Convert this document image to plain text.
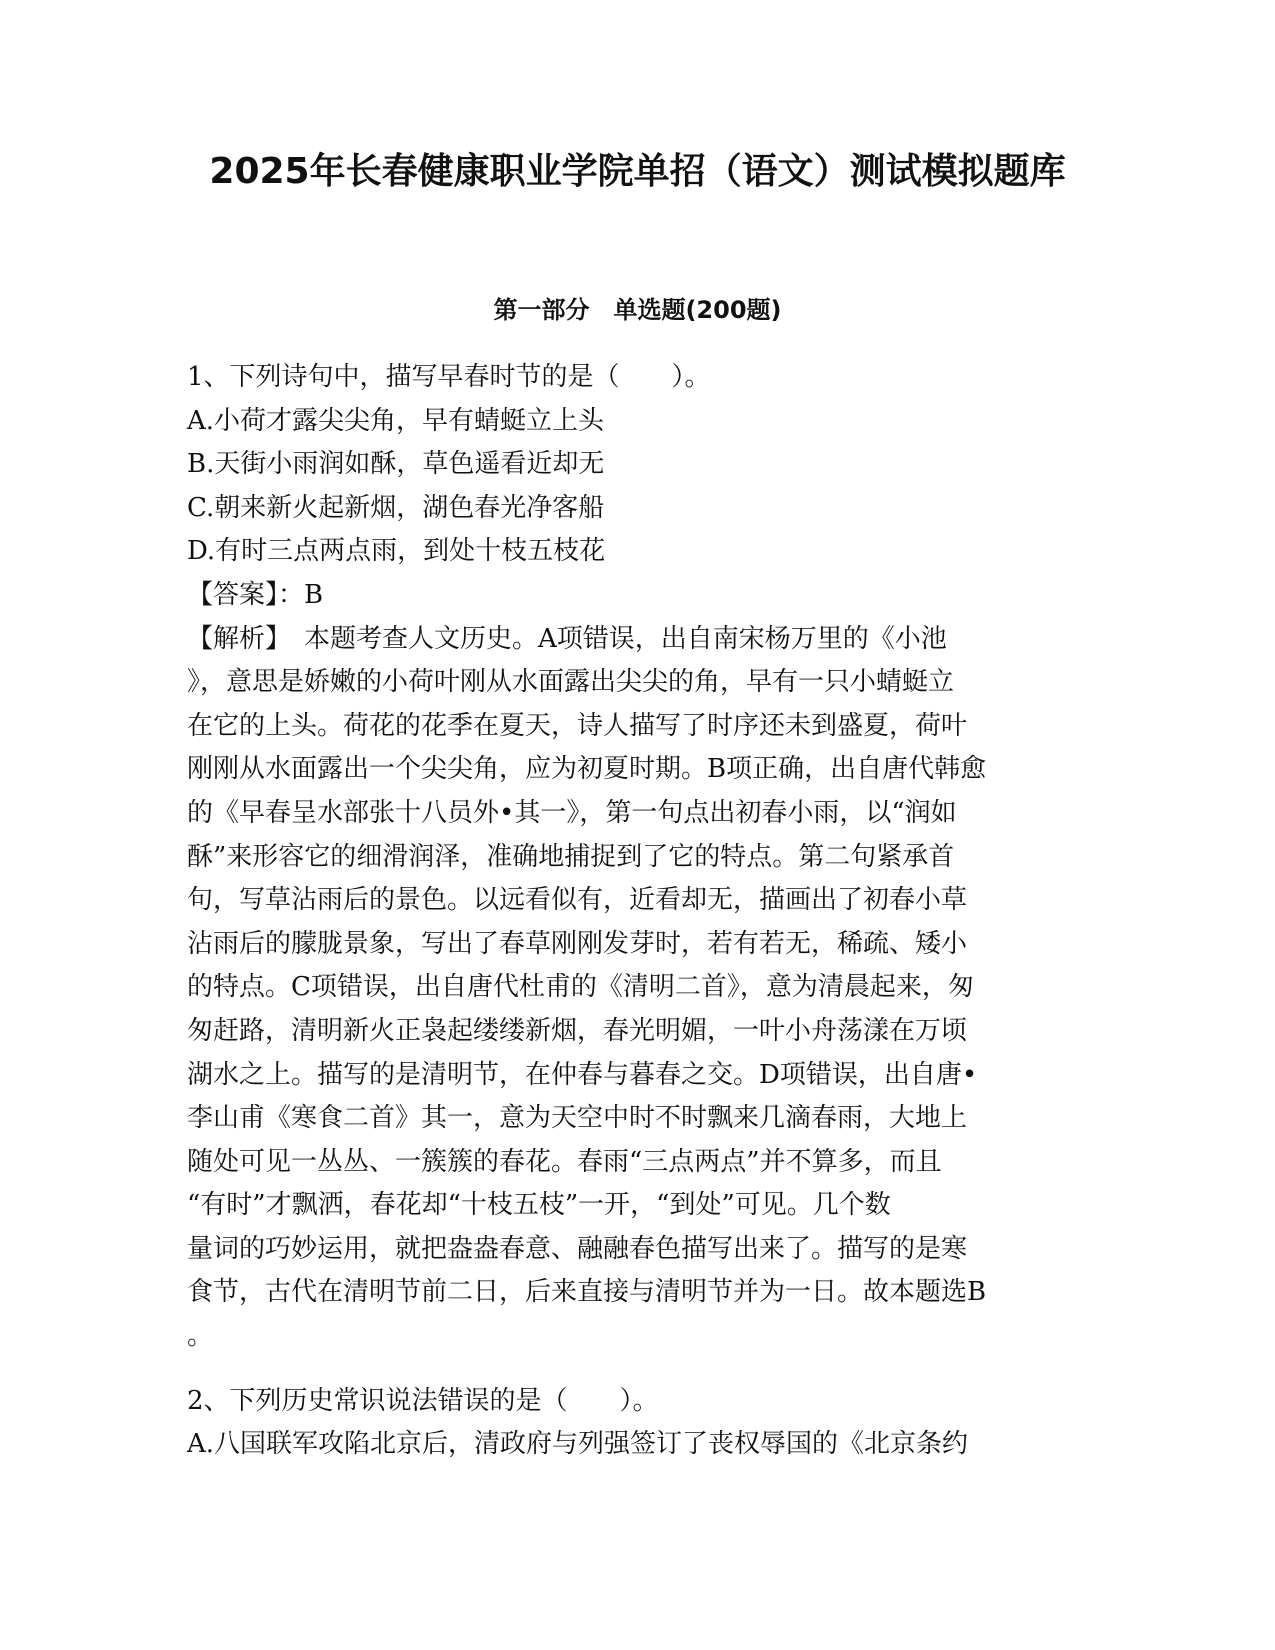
2025年长春健康职业学院单招（语文）测试模拟题库
第一部分　单选题(200题)

1、下列诗句中，描写早春时节的是（　　）。

A.小荷才露尖尖角，早有蜻蜓立上头

B.天街小雨润如酥，草色遥看近却无

C.朝来新火起新烟，湖色春光净客船

D.有时三点两点雨，到处十枝五枝花

【答案】：B

【解析】　本题考查人文历史。A项错误，出自南宋杨万里的《小池

》，意思是娇嫩的小荷叶刚从水面露出尖尖的角，早有一只小蜻蜓立

在它的上头。荷花的花季在夏天，诗人描写了时序还未到盛夏，荷叶

刚刚从水面露出一个尖尖角，应为初夏时期。B项正确，出自唐代韩愈

的《早春呈水部张十八员外•其一》，第一句点出初春小雨，以“润如

酥”来形容它的细滑润泽，准确地捕捉到了它的特点。第二句紧承首

句，写草沾雨后的景色。以远看似有，近看却无，描画出了初春小草

沾雨后的朦胧景象，写出了春草刚刚发芽时，若有若无，稀疏、矮小

的特点。C项错误，出自唐代杜甫的《清明二首》，意为清晨起来，匆

匆赶路，清明新火正袅起缕缕新烟，春光明媚，一叶小舟荡漾在万顷

湖水之上。描写的是清明节，在仲春与暮春之交。D项错误，出自唐•

李山甫《寒食二首》其一，意为天空中时不时飘来几滴春雨，大地上

随处可见一丛丛、一簇簇的春花。春雨“三点两点”并不算多，而且

“有时”才飘洒，春花却“十枝五枝”一开，“到处”可见。几个数

量词的巧妙运用，就把盎盎春意、融融春色描写出来了。描写的是寒

食节，古代在清明节前二日，后来直接与清明节并为一日。故本题选B

。

2、下列历史常识说法错误的是（　　）。

A.八国联军攻陷北京后，清政府与列强签订了丧权辱国的《北京条约
